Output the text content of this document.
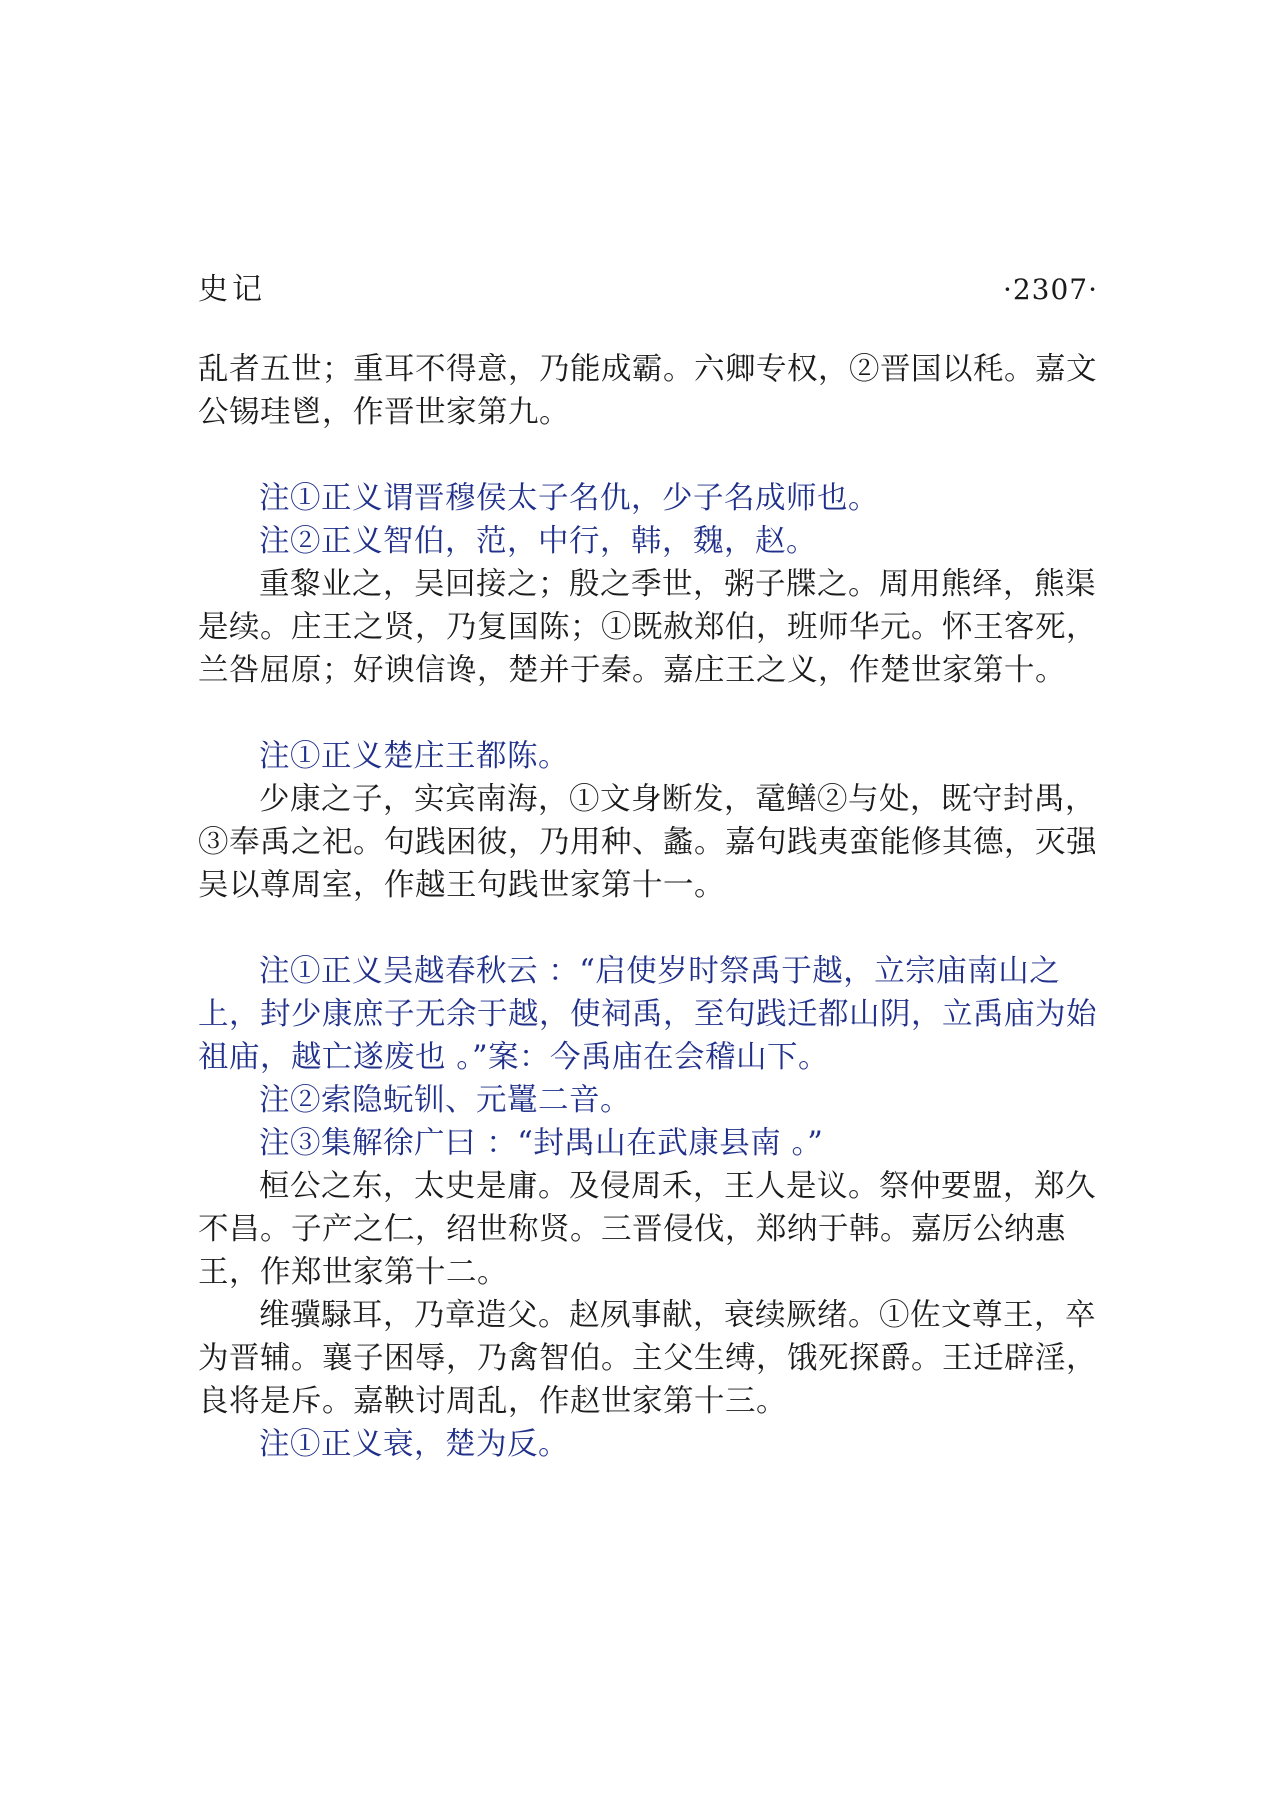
史记	·2307·

乱者五世；重耳不得意，乃能成霸。六卿专权，②晋国以秏。嘉文公锡珪鬯，作晋世家第九。

注①正义谓晋穆侯太子名仇，少子名成师也。

注②正义智伯，范，中行，韩，魏，赵。

重黎业之，吴回接之；殷之季世，粥子牒之。周用熊绎，熊渠是续。庄王之贤，乃复国陈；①既赦郑伯，班师华元。怀王客死，兰咎屈原；好谀信谗，楚并于秦。嘉庄王之义，作楚世家第十。

注①正义楚庄王都陈。

少康之子，实宾南海，①文身断发，鼋鳝②与处，既守封禺，③奉禹之祀。句践困彼，乃用种、蠡。嘉句践夷蛮能修其德，灭强吴以尊周室，作越王句践世家第十一。

注①正义吴越春秋云 ：“启使岁时祭禹于越，立宗庙南山之上，封少康庶子无余于越，使祠禹，至句践迁都山阴，立禹庙为始祖庙，越亡遂废也 。”案：今禹庙在会稽山下。

注②索隐蚖钏、元鼍二音。

注③集解徐广曰 ：“封禺山在武康县南 。”

桓公之东，太史是庸。及侵周禾，王人是议。祭仲要盟，郑久不昌。子产之仁，绍世称贤。三晋侵伐，郑纳于韩。嘉厉公纳惠王，作郑世家第十二。

维骥騄耳，乃章造父。赵夙事献，衰续厥绪。①佐文尊王，卒为晋辅。襄子困辱，乃禽智伯。主父生缚，饿死探爵。王迁辟淫，良将是斥。嘉鞅讨周乱，作赵世家第十三。

注①正义衰，楚为反。
